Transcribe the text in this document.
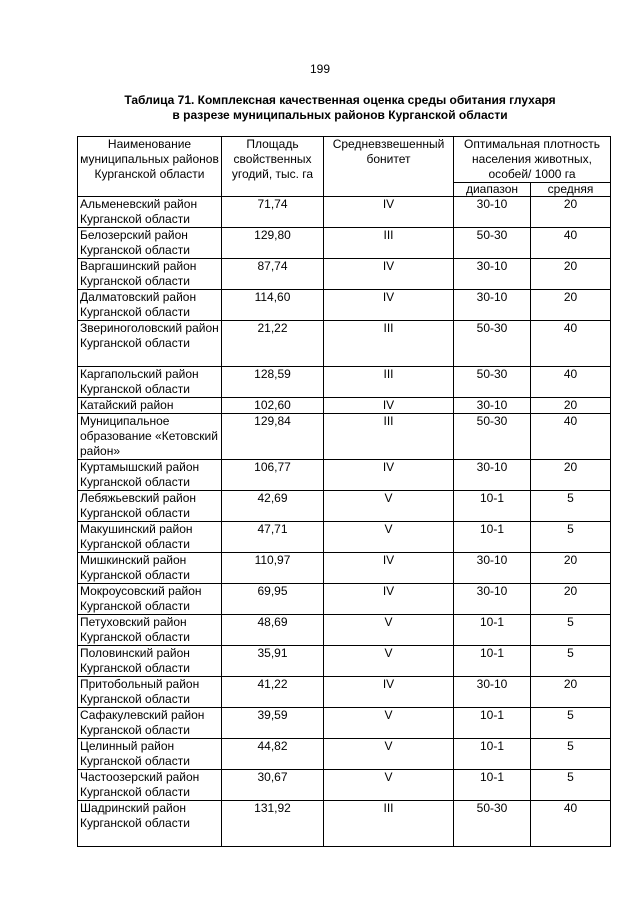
199
Таблица 71. Комплексная качественная оценка среды обитания глухаря
в разрезе муниципальных районов Курганской области
Наименование муниципальных районов Курганской области	Площадь свойственных угодий, тыс. га	Средневзвешенный бонитет	Оптимальная плотность населения животных, особей/ 1000 га	
			диапазон	средняя
Альменевский район Курганской области	71,74	IV	30-10	20
Белозерский район Курганской области	129,80	III	50-30	40
Варгашинский район Курганской области	87,74	IV	30-10	20
Далматовский район Курганской области	114,60	IV	30-10	20
Звериноголовский район Курганской области	21,22	III	50-30	40
Каргапольский район Курганской области	128,59	III	50-30	40
Катайский район	102,60	IV	30-10	20
Муниципальное образование «Кетовский район»	129,84	III	50-30	40
Куртамышский район Курганской области	106,77	IV	30-10	20
Лебяжьевский район Курганской области	42,69	V	10-1	5
Макушинский район Курганской области	47,71	V	10-1	5
Мишкинский район Курганской области	110,97	IV	30-10	20
Мокроусовский район Курганской области	69,95	IV	30-10	20
Петуховский район Курганской области	48,69	V	10-1	5
Половинский район Курганской области	35,91	V	10-1	5
Притобольный район Курганской области	41,22	IV	30-10	20
Сафакулевский район Курганской области	39,59	V	10-1	5
Целинный район Курганской области	44,82	V	10-1	5
Частоозерский район Курганской области	30,67	V	10-1	5
Шадринский район Курганской области	131,92	III	50-30	40
